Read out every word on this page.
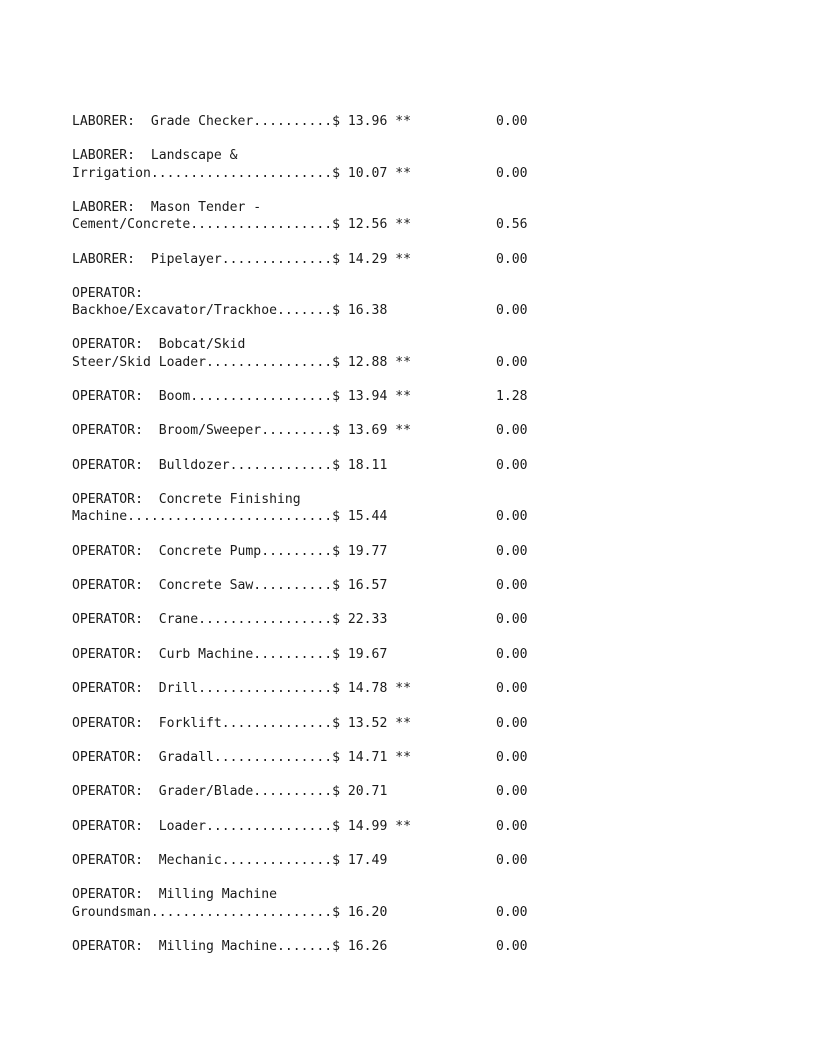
LABORER:  Grade Checker..........$ 13.96 **	0.00
LABORER:  Landscape &
Irrigation.......................$ 10.07 **	0.00
LABORER:  Mason Tender -
Cement/Concrete..................$ 12.56 **	0.56
LABORER:  Pipelayer..............$ 14.29 **	0.00
OPERATOR:
Backhoe/Excavator/Trackhoe.......$ 16.38	0.00
OPERATOR:  Bobcat/Skid
Steer/Skid Loader................$ 12.88 **	0.00
OPERATOR:  Boom..................$ 13.94 **	1.28
OPERATOR:  Broom/Sweeper.........$ 13.69 **	0.00
OPERATOR:  Bulldozer.............$ 18.11	0.00
OPERATOR:  Concrete Finishing
Machine..........................$ 15.44	0.00
OPERATOR:  Concrete Pump.........$ 19.77	0.00
OPERATOR:  Concrete Saw..........$ 16.57	0.00
OPERATOR:  Crane.................$ 22.33	0.00
OPERATOR:  Curb Machine..........$ 19.67	0.00
OPERATOR:  Drill.................$ 14.78 **	0.00
OPERATOR:  Forklift..............$ 13.52 **	0.00
OPERATOR:  Gradall...............$ 14.71 **	0.00
OPERATOR:  Grader/Blade..........$ 20.71	0.00
OPERATOR:  Loader................$ 14.99 **	0.00
OPERATOR:  Mechanic..............$ 17.49	0.00
OPERATOR:  Milling Machine
Groundsman.......................$ 16.20	0.00
OPERATOR:  Milling Machine.......$ 16.26	0.00
